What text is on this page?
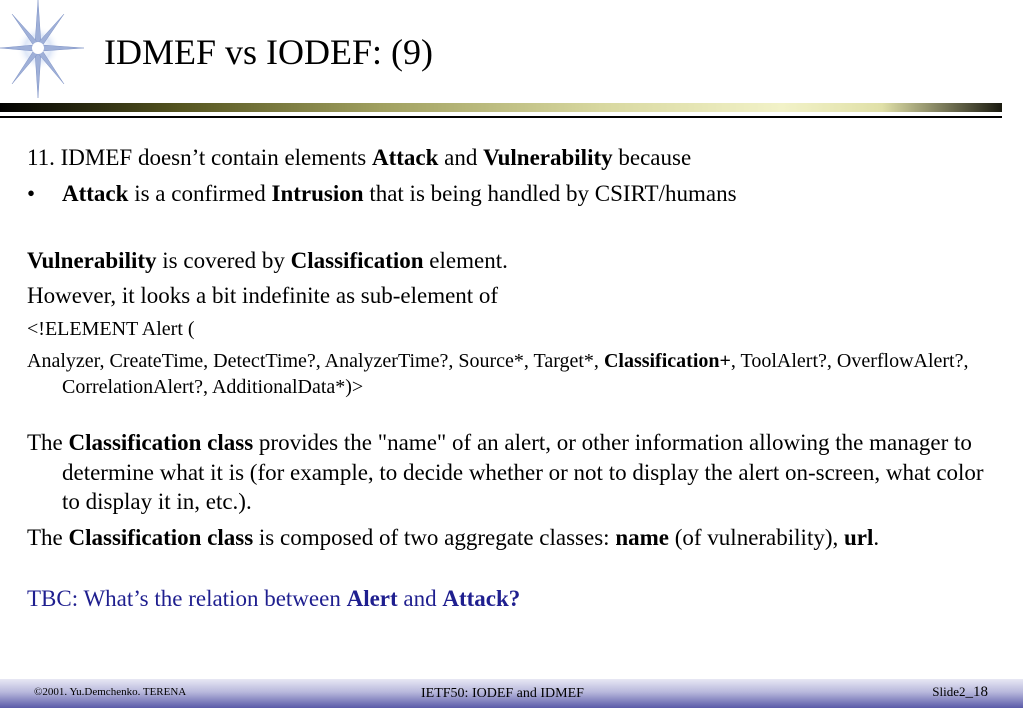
IDMEF vs IODEF: (9)

11. IDMEF doesn’t contain elements Attack and Vulnerability because

•	Attack is a confirmed Intrusion that is being handled by CSIRT/humans

Vulnerability is covered by Classification element.

However, it looks a bit indefinite as sub-element of

<!ELEMENT Alert (

Analyzer, CreateTime, DetectTime?, AnalyzerTime?, Source*, Target*, Classification+, ToolAlert?, OverflowAlert?, CorrelationAlert?, AdditionalData*)>

The Classification class provides the "name" of an alert, or other information allowing the manager to determine what it is (for example, to decide whether or not to display the alert on-screen, what color to display it in, etc.).

The Classification class is composed of two aggregate classes: name (of vulnerability), url.

TBC: What’s the relation between Alert and Attack?

©2001. Yu.Demchenko. TERENA	IETF50: IODEF and IDMEF	Slide2_18
